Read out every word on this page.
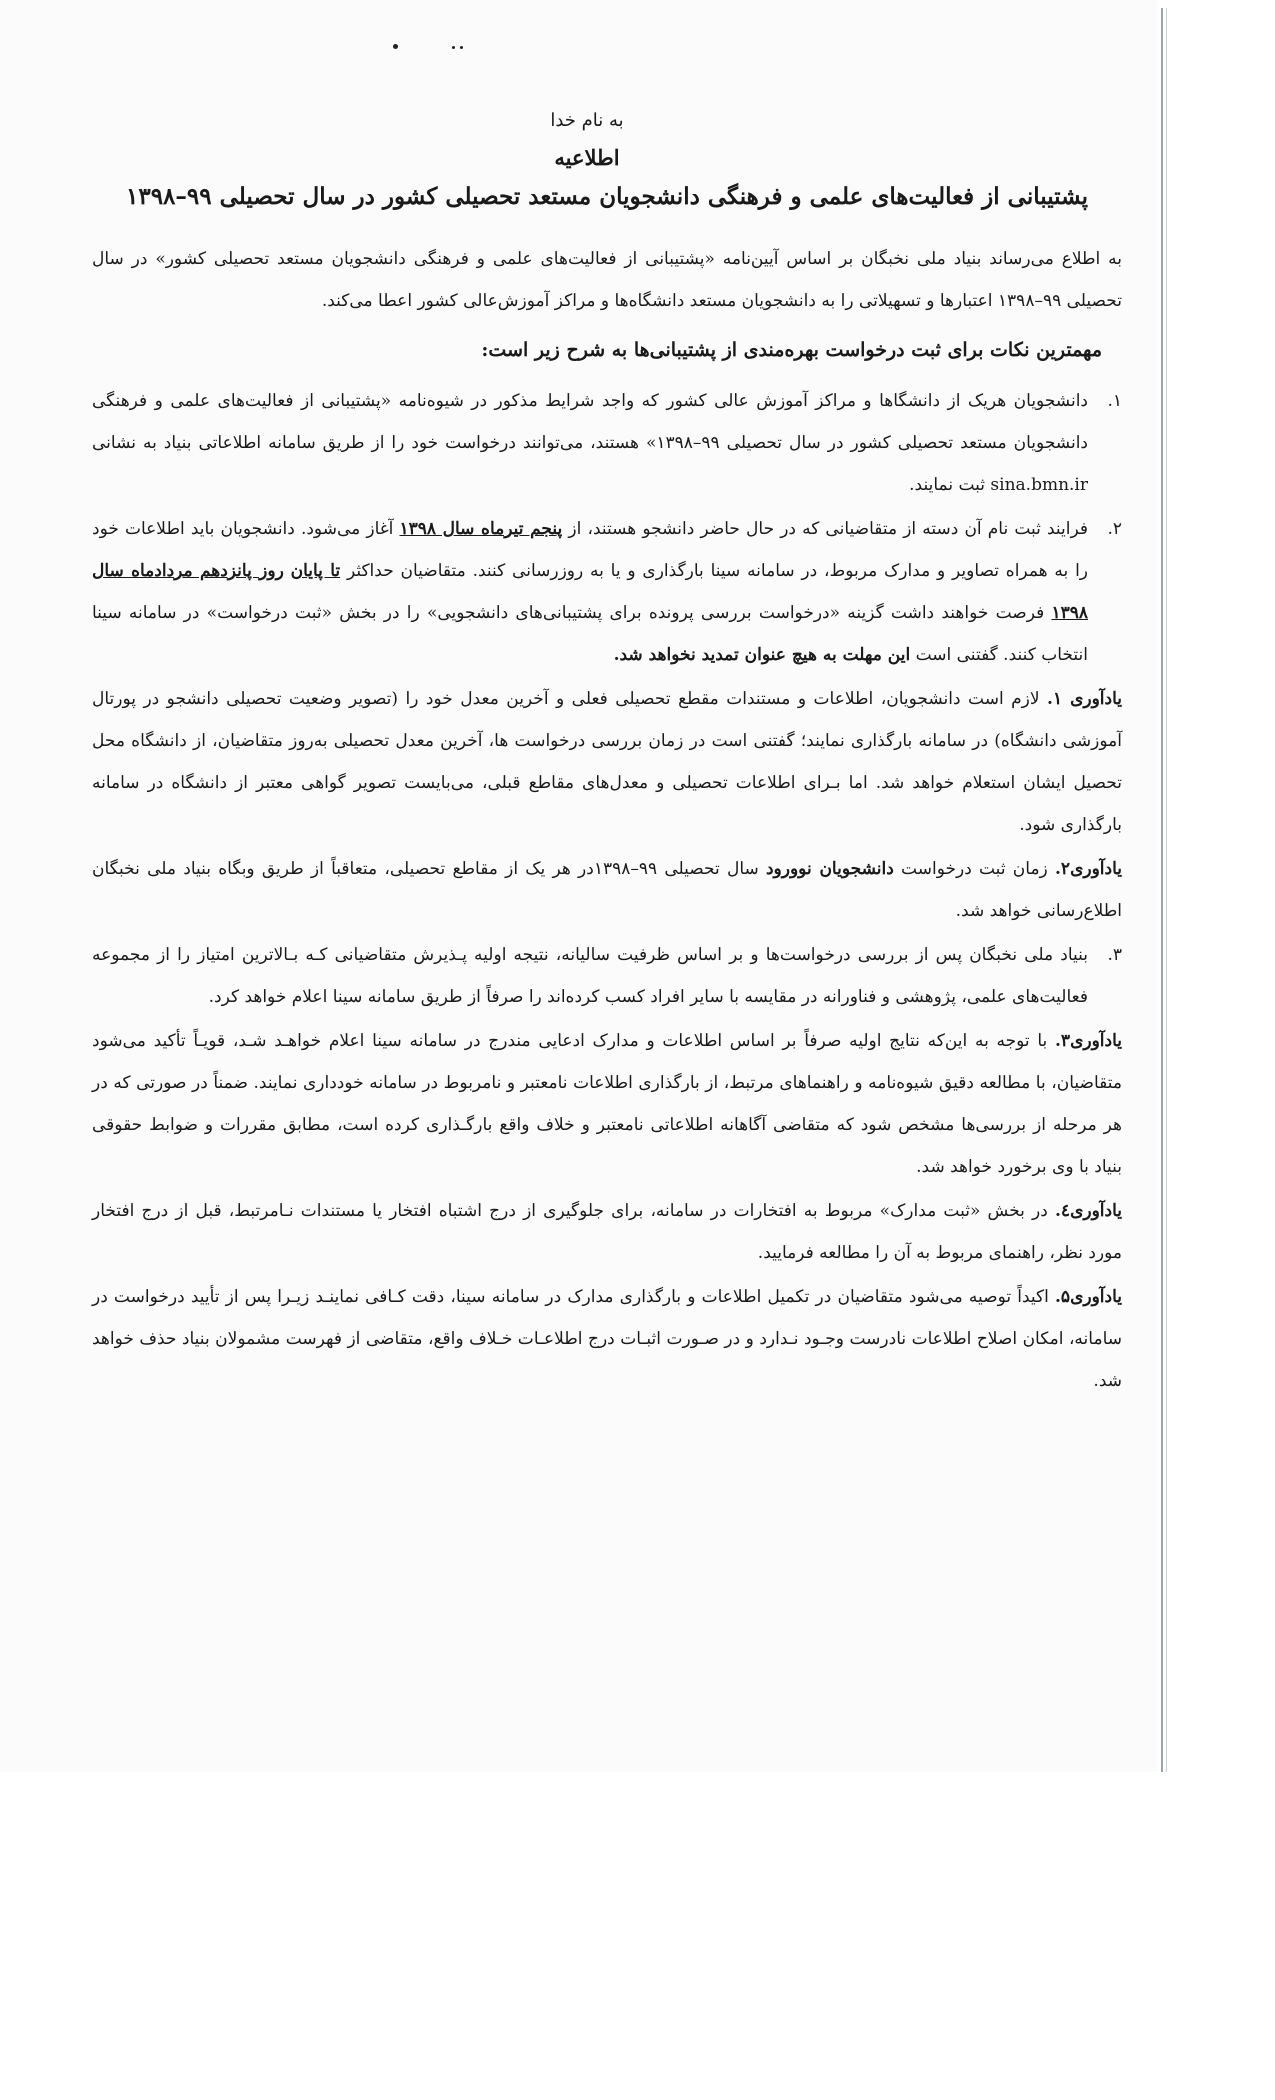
به نام خدا

اطلاعیه

پشتیبانی از فعالیت‌های علمی و فرهنگی دانشجویان مستعد تحصیلی کشور در سال تحصیلی ۹۹–۱۳۹۸

به اطلاع می‌رساند بنیاد ملی نخبگان بر اساس آیین‌نامه «پشتیبانی از فعالیت‌های علمی و فرهنگی دانشجویان مستعد تحصیلی کشور» در سال تحصیلی ۹۹–۱۳۹۸ اعتبارها و تسهیلاتی را به دانشجویان مستعد دانشگاه‌ها و مراکز آموزش‌عالی کشور اعطا می‌کند.

مهمترین نکات برای ثبت درخواست بهره‌مندی از پشتیبانی‌ها به شرح زیر است:

۱.

دانشجویان هریک از دانشگاها و مراکز آموزش عالی کشور که واجد شرایط مذکور در شیوه‌نامه «پشتیبانی از فعالیت‌های علمی و فرهنگی دانشجویان مستعد تحصیلی کشور در سال تحصیلی ۹۹–۱۳۹۸» هستند، می‌توانند درخواست خود را از طریق سامانه اطلاعاتی بنیاد به نشانی sina.bmn.ir ثبت نمایند.

۲.

فرایند ثبت نام آن دسته از متقاضیانی که در حال حاضر دانشجو هستند، از پنجم تیرماه سال ۱۳۹۸ آغاز می‌شود. دانشجویان باید اطلاعات خود را به همراه تصاویر و مدارک مربوط، در سامانه سینا بارگذاری و یا به روزرسانی کنند. متقاضیان حداکثر تا پایان روز پانزدهم مردادماه سال ۱۳۹۸ فرصت خواهند داشت گزینه «درخواست بررسی پرونده برای پشتیبانی‌های دانشجویی» را در بخش «ثبت درخواست» در سامانه سینا انتخاب کنند. گفتنی است این مهلت به هیچ عنوان تمدید نخواهد شد.

یادآوری ۱. لازم است دانشجویان، اطلاعات و مستندات مقطع تحصیلی فعلی و آخرین معدل خود را (تصویر وضعیت تحصیلی دانشجو در پورتال آموزشی دانشگاه) در سامانه بارگذاری نمایند؛ گفتنی است در زمان بررسی درخواست ها، آخرین معدل تحصیلی به‌روز متقاضیان، از دانشگاه محل تحصیل ایشان استعلام خواهد شد. اما بـرای اطلاعات تحصیلی و معدل‌های مقاطع قبلی، می‌بایست تصویر گواهی معتبر از دانشگاه در سامانه بارگذاری شود.

یادآوری۲. زمان ثبت درخواست دانشجویان نوورود سال تحصیلی ۹۹–۱۳۹۸در هر یک از مقاطع تحصیلی، متعاقباً از طریق وبگاه بنیاد ملی نخبگان اطلاع‌رسانی خواهد شد.

۳.

بنیاد ملی نخبگان پس از بررسی درخواست‌ها و بر اساس ظرفیت سالیانه، نتیجه اولیه پـذیرش متقاضیانی کـه بـالاترین امتیاز را از مجموعه فعالیت‌های علمی، پژوهشی و فناورانه در مقایسه با سایر افراد کسب کرده‌اند را صرفاً از طریق سامانه سینا اعلام خواهد کرد.

یادآوری۳. با توجه به این‌که نتایج اولیه صرفاً بر اساس اطلاعات و مدارک ادعایی مندرج در سامانه سینا اعلام خواهـد شـد، قویـاً تأکید می‌شود متقاضیان، با مطالعه دقیق شیوه‌نامه و راهنماهای مرتبط، از بارگذاری اطلاعات نامعتبر و نامربوط در سامانه خودداری نمایند. ضمناً در صورتی که در هر مرحله از بررسی‌ها مشخص شود که متقاضی آگاهانه اطلاعاتی نامعتبر و خلاف واقع بارگـذاری کرده است، مطابق مقررات و ضوابط حقوقی بنیاد با وی برخورد خواهد شد.

یادآوری٤. در بخش «ثبت مدارک» مربوط به افتخارات در سامانه، برای جلوگیری از درج اشتباه افتخار یا مستندات نـامرتبط، قبل از درج افتخار مورد نظر، راهنمای مربوط به آن را مطالعه فرمایید.

یادآوری۵. اکیداً توصیه می‌شود متقاضیان در تکمیل اطلاعات و بارگذاری مدارک در سامانه سینا، دقت کـافی نماینـد زیـرا پس از تأیید درخواست در سامانه، امکان اصلاح اطلاعات نادرست وجـود نـدارد و در صـورت اثبـات درج اطلاعـات خـلاف واقع، متقاضی از فهرست مشمولان بنیاد حذف خواهد شد.
